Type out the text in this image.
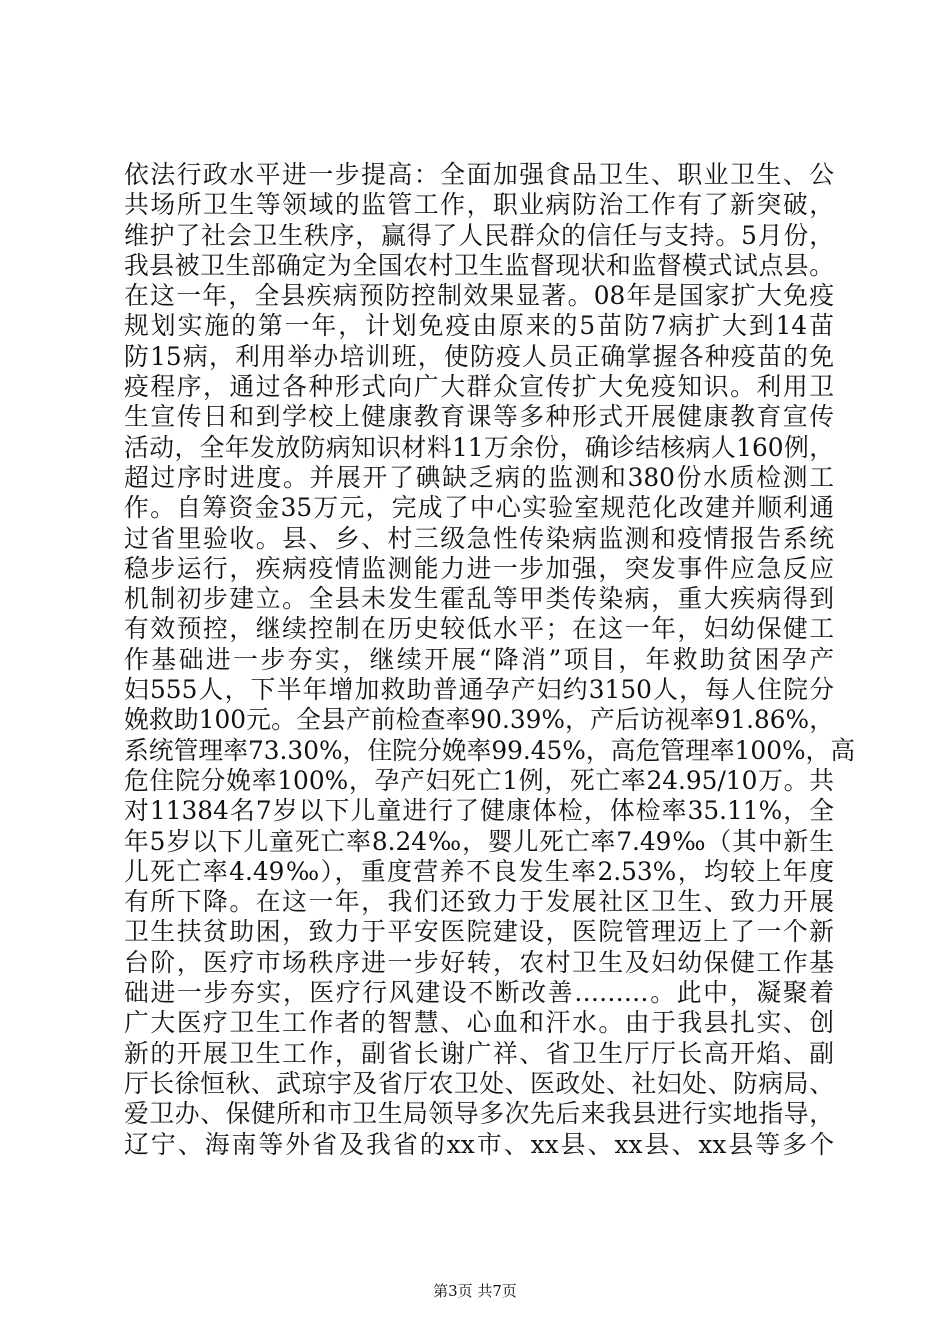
依法行政水平进一步提高：全面加强食品卫生、职业卫生、公
共场所卫生等领域的监管工作，职业病防治工作有了新突破，
维护了社会卫生秩序，赢得了人民群众的信任与支持。5月份，
我县被卫生部确定为全国农村卫生监督现状和监督模式试点县。
在这一年，全县疾病预防控制效果显著。08年是国家扩大免疫
规划实施的第一年，计划免疫由原来的5苗防7病扩大到14苗
防15病，利用举办培训班，使防疫人员正确掌握各种疫苗的免
疫程序，通过各种形式向广大群众宣传扩大免疫知识。利用卫
生宣传日和到学校上健康教育课等多种形式开展健康教育宣传
活动，全年发放防病知识材料11万余份，确诊结核病人160例，
超过序时进度。并展开了碘缺乏病的监测和380份水质检测工
作。自筹资金35万元，完成了中心实验室规范化改建并顺利通
过省里验收。县、乡、村三级急性传染病监测和疫情报告系统
稳步运行，疾病疫情监测能力进一步加强，突发事件应急反应
机制初步建立。全县未发生霍乱等甲类传染病，重大疾病得到
有效预控，继续控制在历史较低水平；在这一年，妇幼保健工
作基础进一步夯实，继续开展“降消”项目，年救助贫困孕产
妇555人，下半年增加救助普通孕产妇约3150人，每人住院分
娩救助100元。全县产前检查率90.39%，产后访视率91.86%，
系统管理率73.30%，住院分娩率99.45%，高危管理率100%，高
危住院分娩率100%，孕产妇死亡1例，死亡率24.95/10万。共
对11384名7岁以下儿童进行了健康体检，体检率35.11%，全
年5岁以下儿童死亡率8.24‰，婴儿死亡率7.49‰（其中新生
儿死亡率4.49‰），重度营养不良发生率2.53%，均较上年度
有所下降。在这一年，我们还致力于发展社区卫生、致力开展
卫生扶贫助困，致力于平安医院建设，医院管理迈上了一个新
台阶，医疗市场秩序进一步好转，农村卫生及妇幼保健工作基
础进一步夯实，医疗行风建设不断改善………。此中，凝聚着
广大医疗卫生工作者的智慧、心血和汗水。由于我县扎实、创
新的开展卫生工作，副省长谢广祥、省卫生厅厅长高开焰、副
厅长徐恒秋、武琼宇及省厅农卫处、医政处、社妇处、防病局、
爱卫办、保健所和市卫生局领导多次先后来我县进行实地指导，
辽宁、海南等外省及我省的xx市、xx县、xx县、xx县等多个
第3页 共7页
